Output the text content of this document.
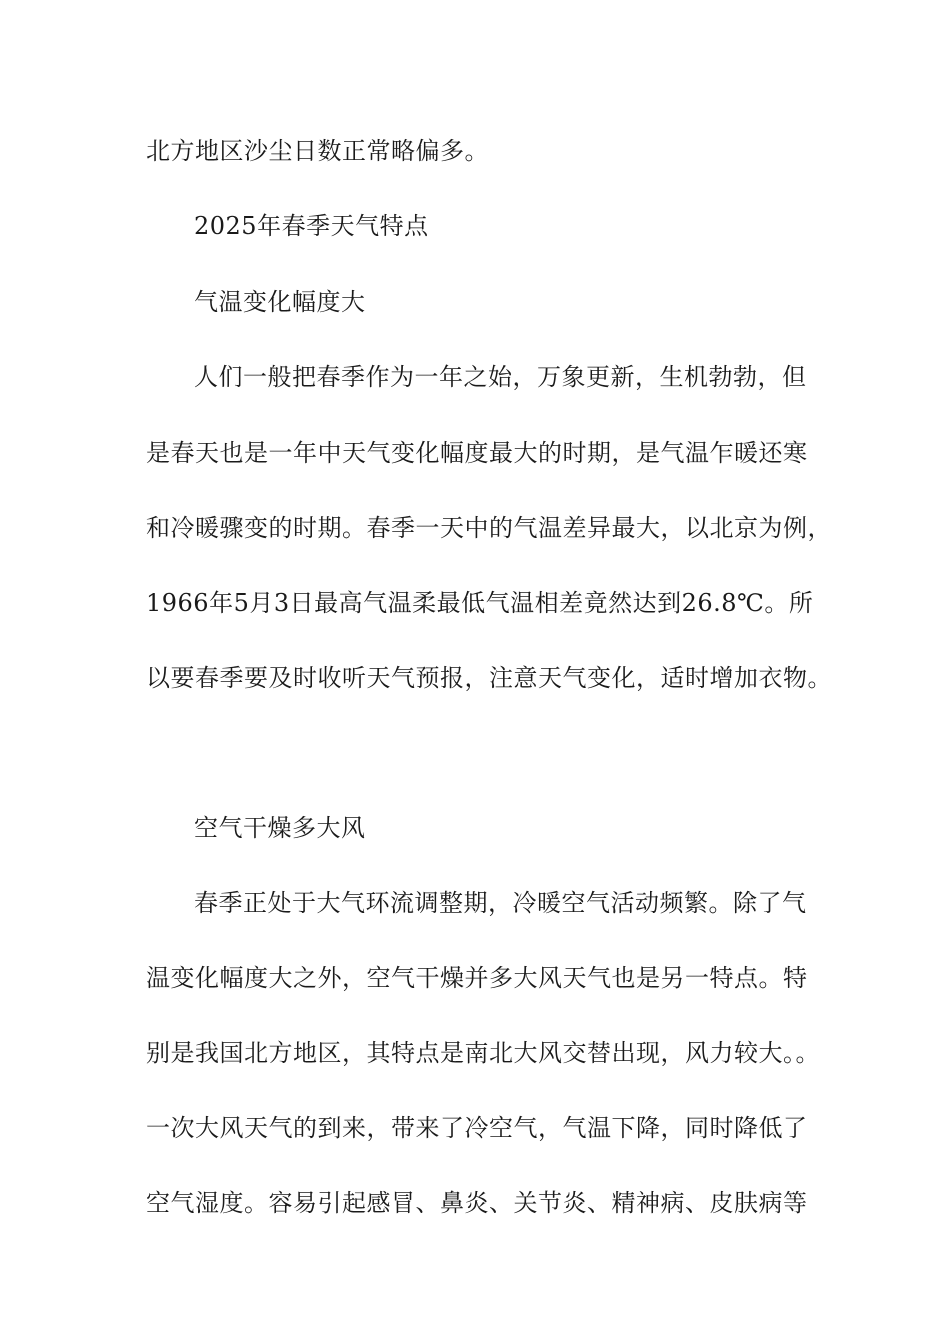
北方地区沙尘日数正常略偏多。
2025年春季天气特点
气温变化幅度大
人们一般把春季作为一年之始，万象更新，生机勃勃，但
是春天也是一年中天气变化幅度最大的时期，是气温乍暖还寒
和冷暖骤变的时期。春季一天中的气温差异最大，以北京为例，
1966年5月3日最高气温柔最低气温相差竟然达到26.8℃。所
以要春季要及时收听天气预报，注意天气变化，适时增加衣物。
空气干燥多大风
春季正处于大气环流调整期，冷暖空气活动频繁。除了气
温变化幅度大之外，空气干燥并多大风天气也是另一特点。特
别是我国北方地区，其特点是南北大风交替出现，风力较大。。
一次大风天气的到来，带来了冷空气，气温下降，同时降低了
空气湿度。容易引起感冒、鼻炎、关节炎、精神病、皮肤病等
